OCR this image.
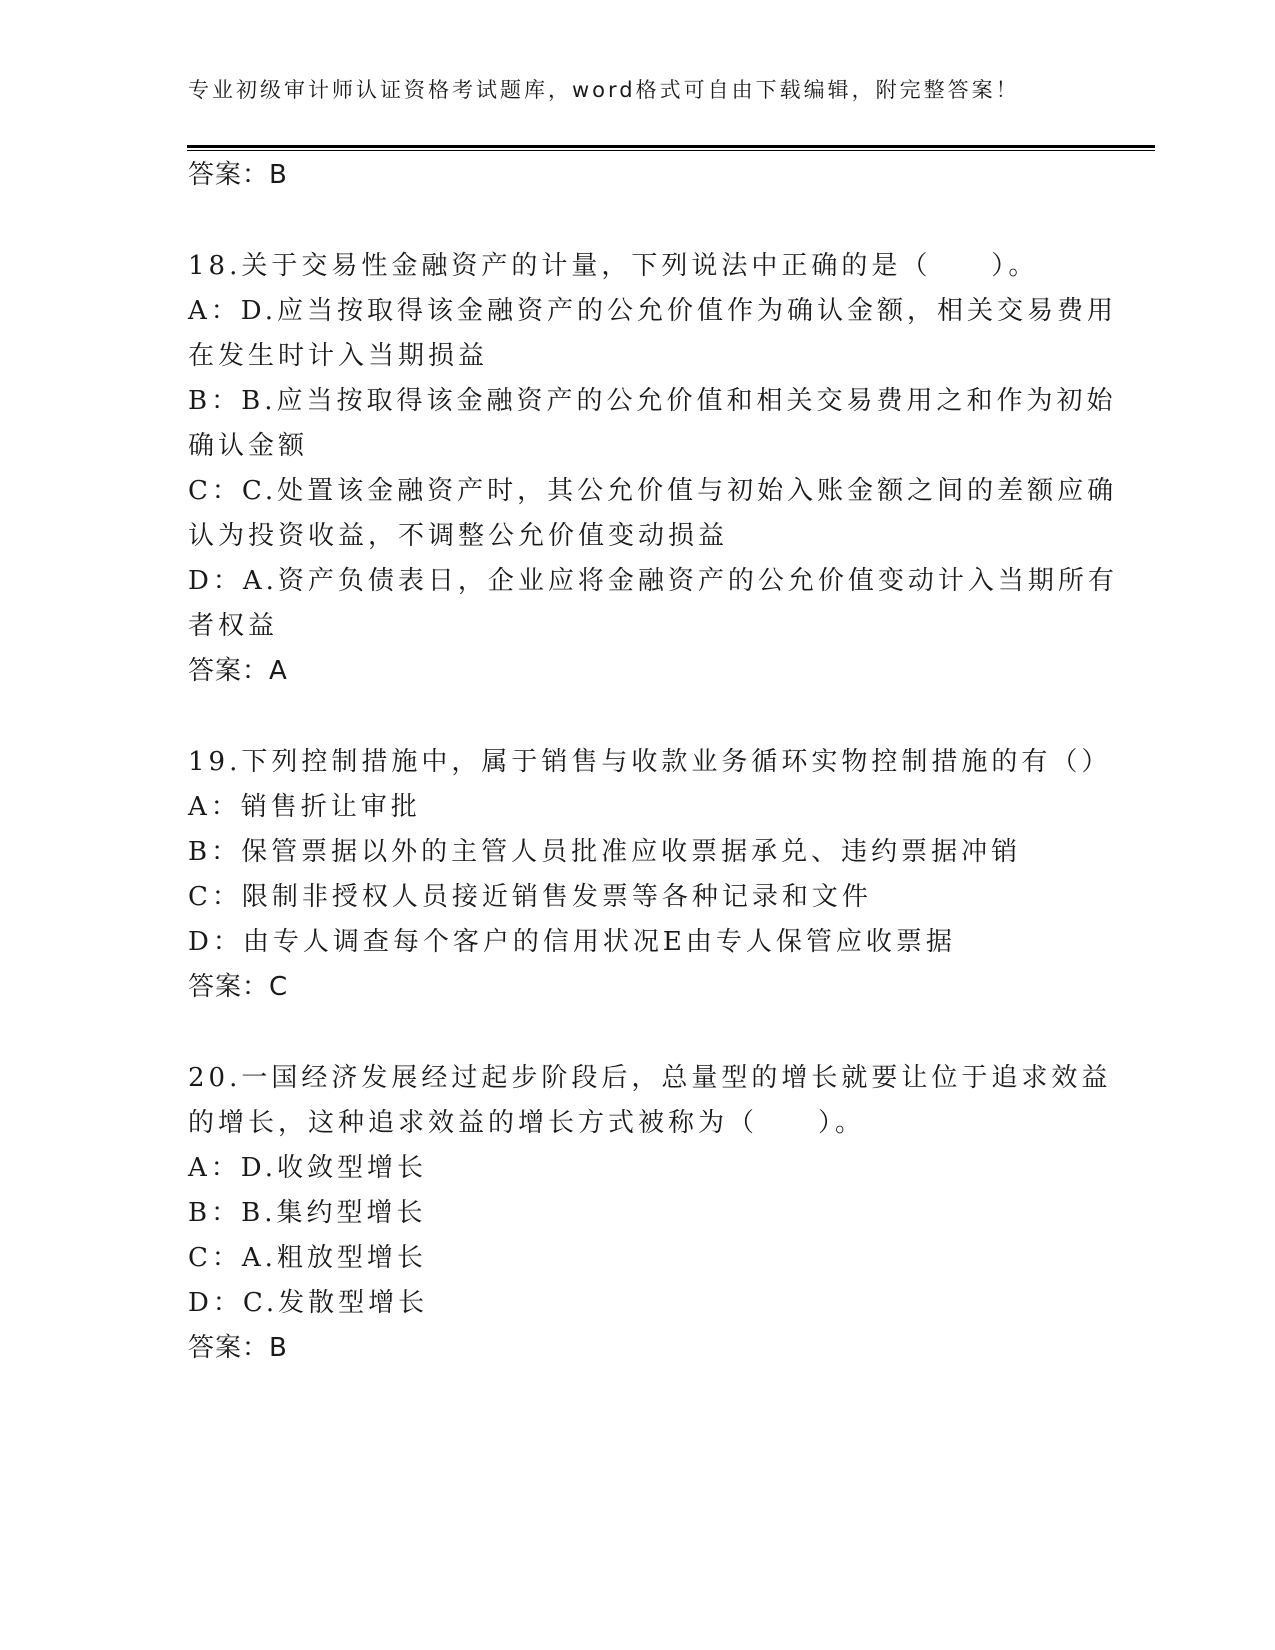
专业初级审计师认证资格考试题库，word格式可自由下载编辑，附完整答案！
答案：B
18.关于交易性金融资产的计量，下列说法中正确的是（　　）。
A：D.应当按取得该金融资产的公允价值作为确认金额，相关交易费用
在发生时计入当期损益
B：B.应当按取得该金融资产的公允价值和相关交易费用之和作为初始
确认金额
C：C.处置该金融资产时，其公允价值与初始入账金额之间的差额应确
认为投资收益，不调整公允价值变动损益
D：A.资产负债表日，企业应将金融资产的公允价值变动计入当期所有
者权益
答案：A
19.下列控制措施中，属于销售与收款业务循环实物控制措施的有（）
A：销售折让审批
B：保管票据以外的主管人员批准应收票据承兑、违约票据冲销
C：限制非授权人员接近销售发票等各种记录和文件
D：由专人调查每个客户的信用状况E由专人保管应收票据
答案：C
20.一国经济发展经过起步阶段后，总量型的增长就要让位于追求效益
的增长，这种追求效益的增长方式被称为（　　）。
A：D.收敛型增长
B：B.集约型增长
C：A.粗放型增长
D：C.发散型增长
答案：B
